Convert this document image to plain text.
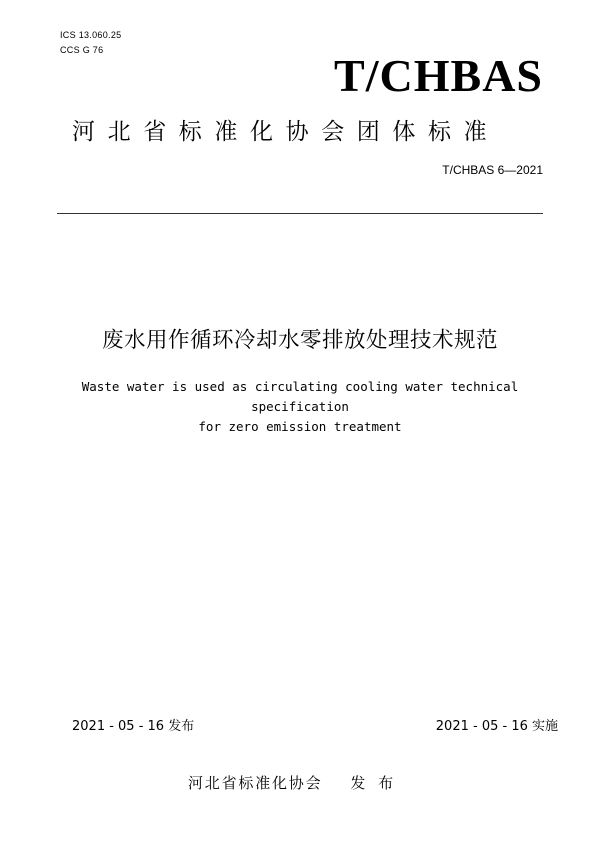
ICS 13.060.25
CCS G 76	T/CHBAS
河北省标准化协会团体标准
T/CHBAS 6—2021
废水用作循环冷却水零排放处理技术规范
Waste water is used as circulating cooling water technical specification
for zero emission treatment
2021 - 05 - 16 发布	2021 - 05 - 16 实施
河北省标准化协会 发 布
